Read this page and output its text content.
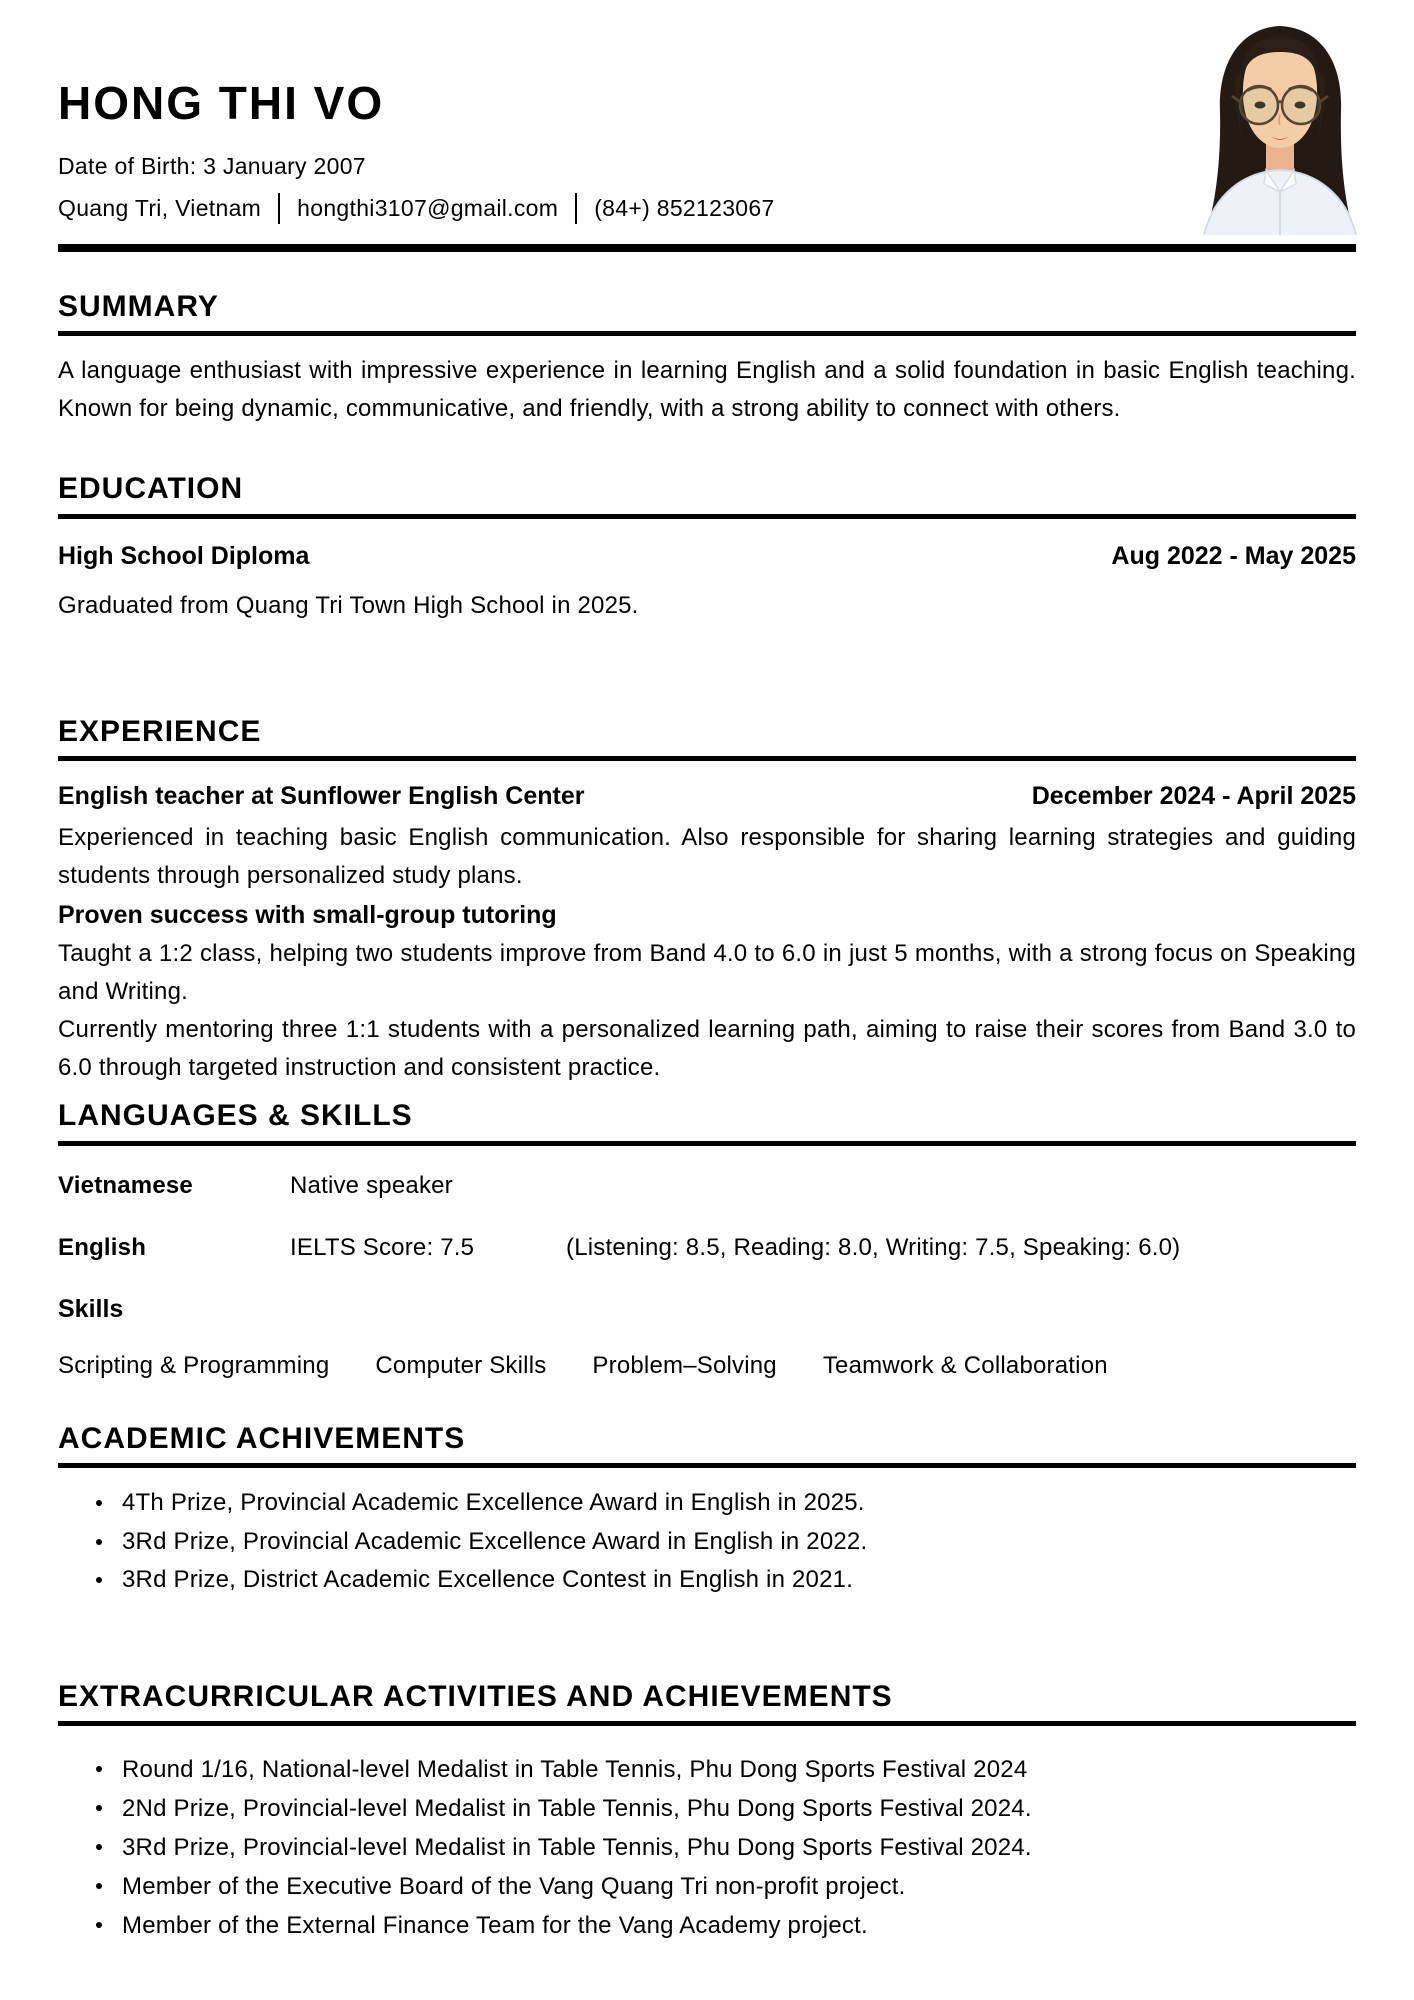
HONG THI VO
Date of Birth: 3 January 2007
Quang Tri, Vietnam hongthi3107@gmail.com (84+) 852123067
SUMMARY

A language enthusiast with impressive experience in learning English and a solid foundation in basic English teaching. Known for being dynamic, communicative, and friendly, with a strong ability to connect with others.

EDUCATION
High School Diploma	Aug 2022 - May 2025

Graduated from Quang Tri Town High School in 2025.

EXPERIENCE
English teacher at Sunflower English Center	December 2024 - April 2025

Experienced in teaching basic English communication. Also responsible for sharing learning strategies and guiding students through personalized study plans.

Proven success with small-group tutoring

Taught a 1:2 class, helping two students improve from Band 4.0 to 6.0 in just 5 months, with a strong focus on Speaking and Writing.

Currently mentoring three 1:1 students with a personalized learning path, aiming to raise their scores from Band 3.0 to 6.0 through targeted instruction and consistent practice.

LANGUAGES & SKILLS
Vietnamese	Native speaker
English	IELTS Score: 7.5	(Listening: 8.5, Reading: 8.0, Writing: 7.5, Speaking: 6.0)
Skills
Scripting & Programming Computer Skills Problem–Solving Teamwork & Collaboration
ACADEMIC ACHIVEMENTS
4Th Prize, Provincial Academic Excellence Award in English in 2025.
3Rd Prize, Provincial Academic Excellence Award in English in 2022.
3Rd Prize, District Academic Excellence Contest in English in 2021.
EXTRACURRICULAR ACTIVITIES AND ACHIEVEMENTS
Round 1/16, National-level Medalist in Table Tennis, Phu Dong Sports Festival 2024
2Nd Prize, Provincial-level Medalist in Table Tennis, Phu Dong Sports Festival 2024.
3Rd Prize, Provincial-level Medalist in Table Tennis, Phu Dong Sports Festival 2024.
Member of the Executive Board of the Vang Quang Tri non-profit project.
Member of the External Finance Team for the Vang Academy project.
